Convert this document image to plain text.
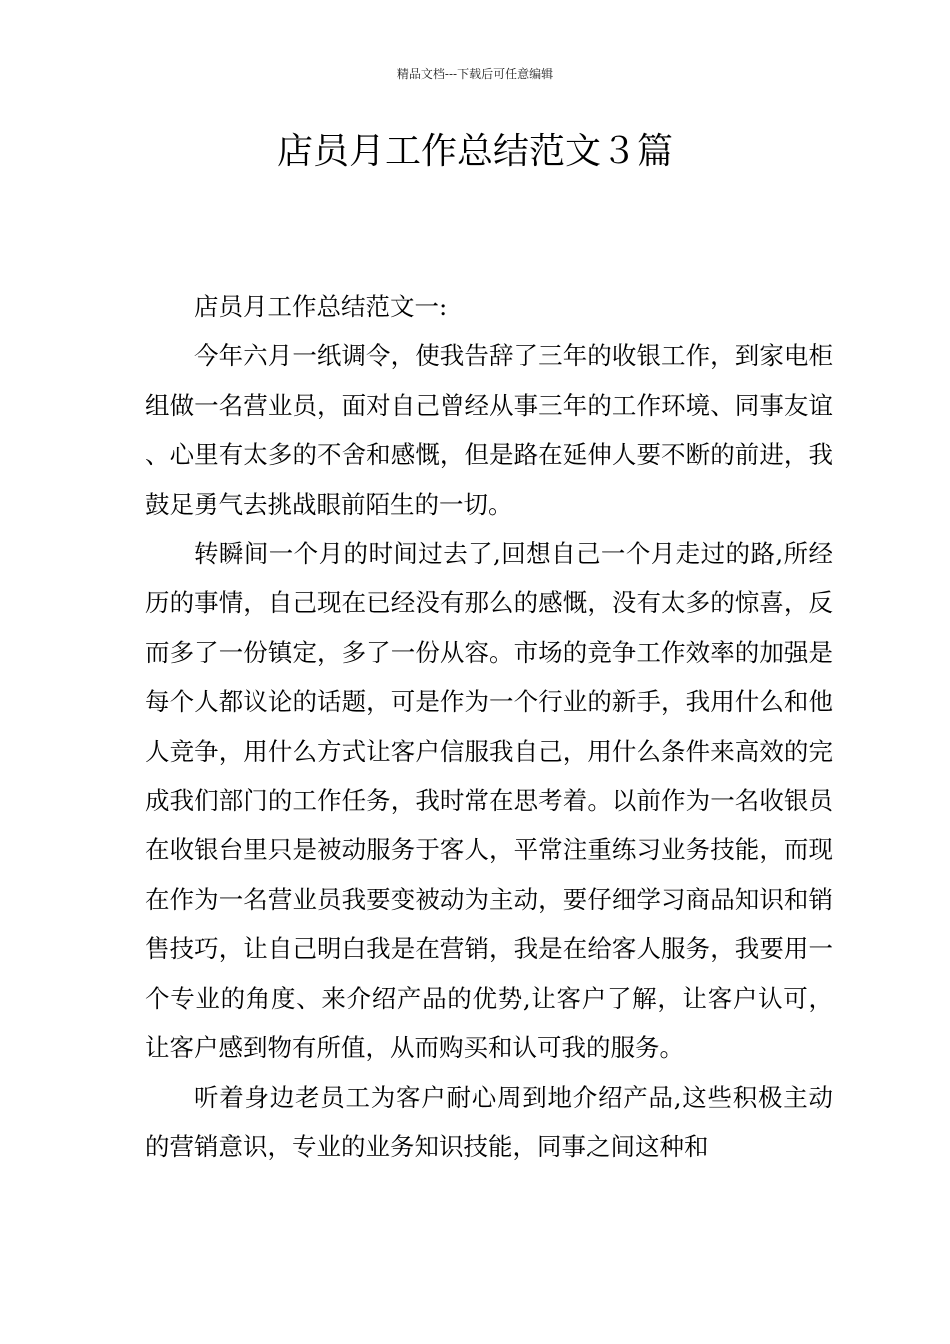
精品文档---下载后可任意编辑
店员月工作总结范文３篇

店员月工作总结范文一:

今年六月一纸调令，使我告辞了三年的收银工作，到家电柜组做一名营业员，面对自己曾经从事三年的工作环境、同事友谊 、心里有太多的不舍和感慨，但是路在延伸人要不断的前进，我鼓足勇气去挑战眼前陌生的一切。

转瞬间一个月的时间过去了,回想自己一个月走过的路,所经历的事情，自己现在已经没有那么的感慨，没有太多的惊喜，反而多了一份镇定，多了一份从容。市场的竞争工作效率的加强是每个人都议论的话题，可是作为一个行业的新手，我用什么和他人竞争，用什么方式让客户信服我自己，用什么条件来高效的完成我们部门的工作任务，我时常在思考着。以前作为一名收银员在收银台里只是被动服务于客人，平常注重练习业务技能，而现在作为一名营业员我要变被动为主动，要仔细学习商品知识和销售技巧，让自己明白我是在营销，我是在给客人服务，我要用一个专业的角度、来介绍产品的优势,让客户了解，让客户认可，让客户感到物有所值，从而购买和认可我的服务。

听着身边老员工为客户耐心周到地介绍产品,这些积极主动的营销意识，专业的业务知识技能，同事之间这种和
